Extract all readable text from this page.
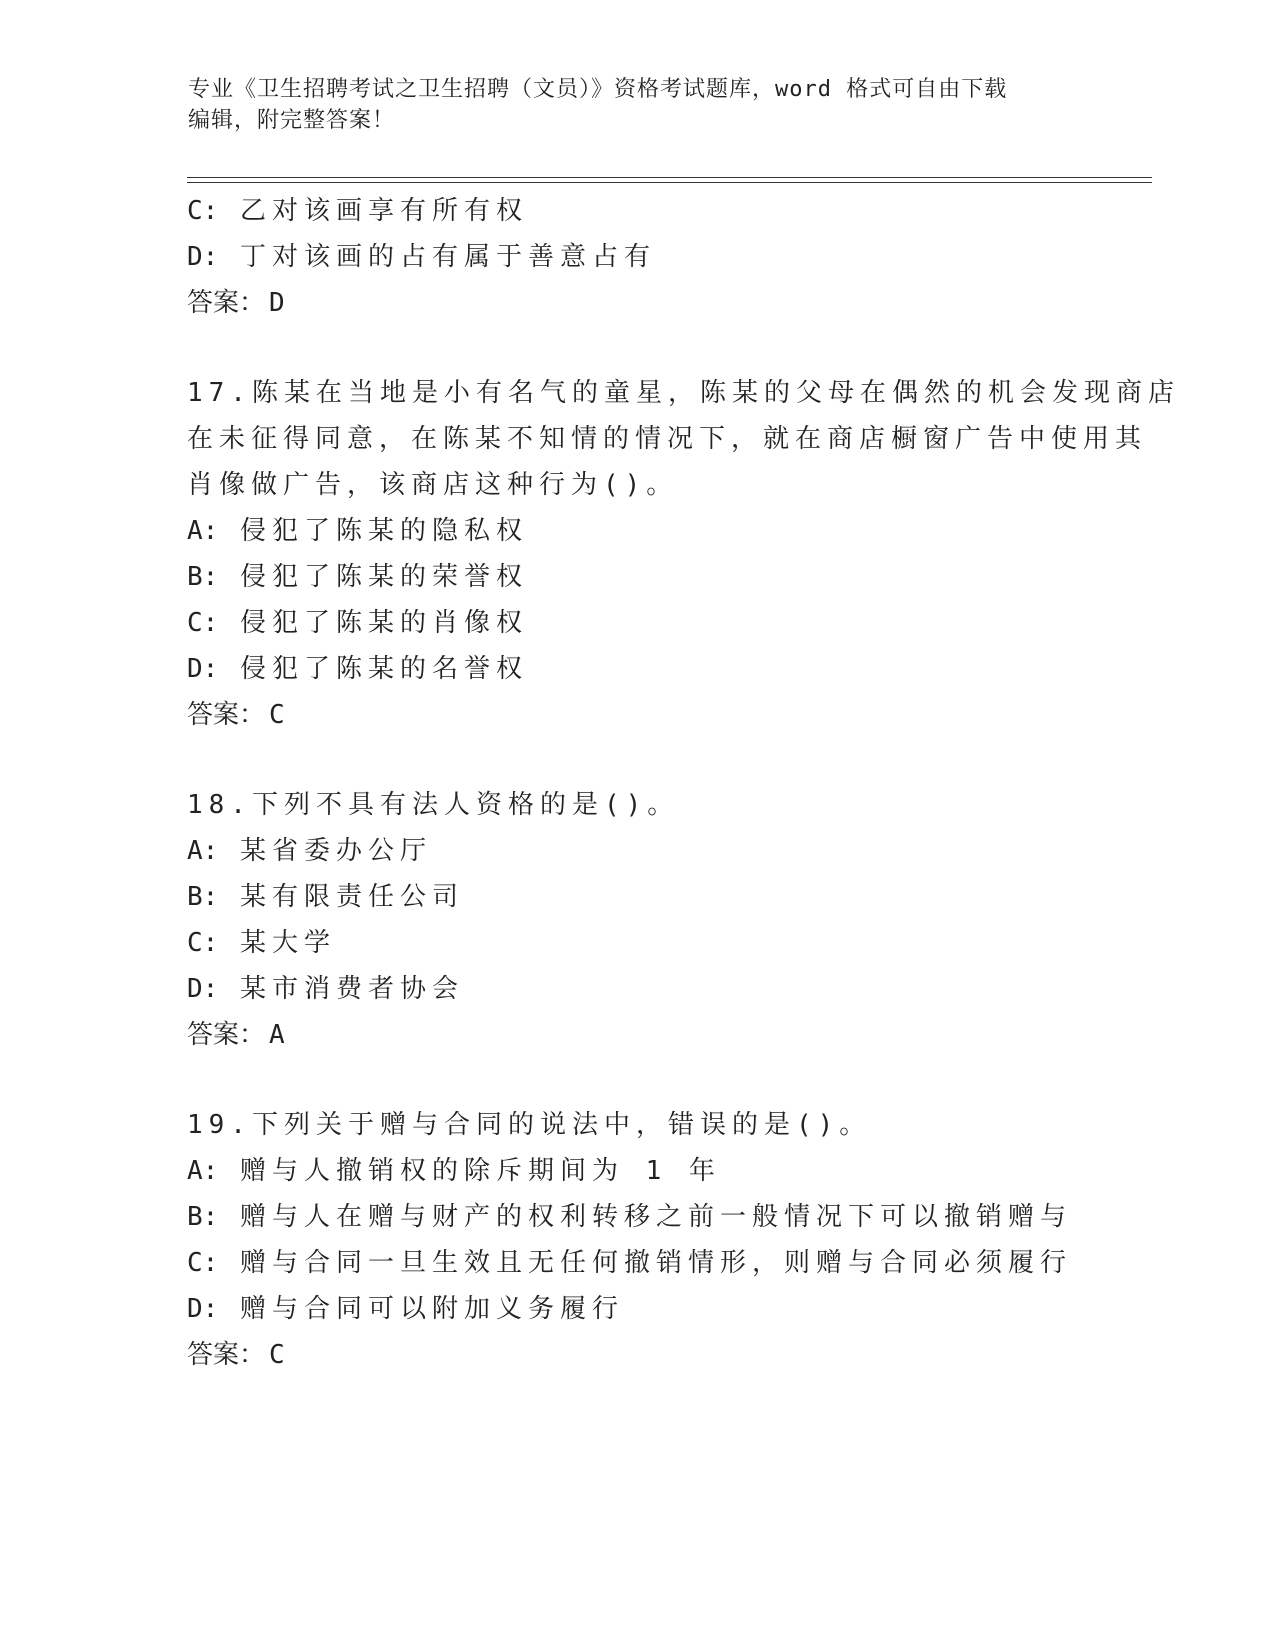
专业《卫生招聘考试之卫生招聘（文员）》资格考试题库，word 格式可自由下载
编辑，附完整答案！
C: 乙对该画享有所有权
D: 丁对该画的占有属于善意占有
答案： D
17.陈某在当地是小有名气的童星，陈某的父母在偶然的机会发现商店
在未征得同意，在陈某不知情的情况下，就在商店橱窗广告中使用其
肖像做广告，该商店这种行为()。
A: 侵犯了陈某的隐私权
B: 侵犯了陈某的荣誉权
C: 侵犯了陈某的肖像权
D: 侵犯了陈某的名誉权
答案： C
18.下列不具有法人资格的是()。
A: 某省委办公厅
B: 某有限责任公司
C: 某大学
D: 某市消费者协会
答案： A
19.下列关于赠与合同的说法中，错误的是()。
A: 赠与人撤销权的除斥期间为 1 年
B: 赠与人在赠与财产的权利转移之前一般情况下可以撤销赠与
C: 赠与合同一旦生效且无任何撤销情形，则赠与合同必须履行
D: 赠与合同可以附加义务履行
答案： C
